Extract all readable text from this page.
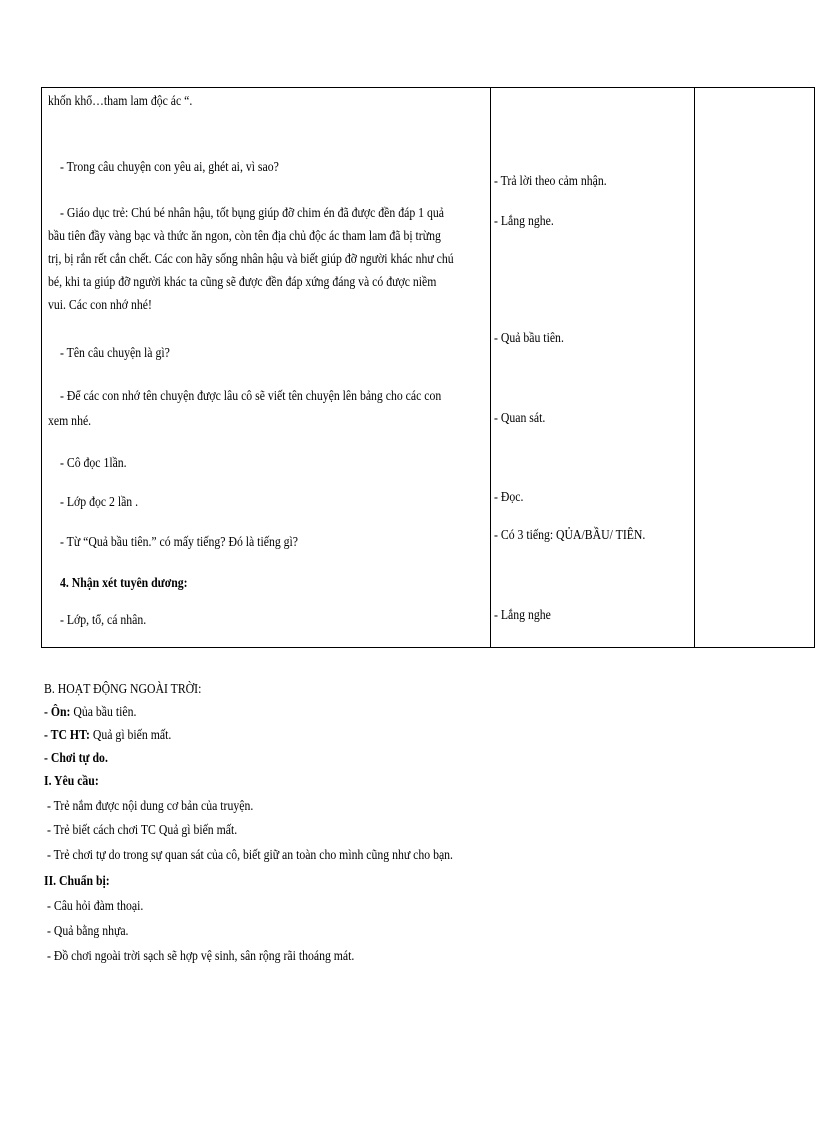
khốn khổ…tham lam độc ác “.
- Trong câu chuyện con yêu ai, ghét ai, vì sao?
- Giáo dục trẻ: Chú bé nhân hậu, tốt bụng giúp đỡ chim én đã được đền đáp 1 quả
bầu tiên đầy vàng bạc và thức ăn ngon, còn tên địa chủ độc ác tham lam đã bị trừng
trị, bị rắn rết cắn chết. Các con hãy sống nhân hậu và biết giúp đỡ người khác như chú
bé, khi ta giúp đỡ người khác ta cũng sẽ được đền đáp xứng đáng và có được niềm
vui. Các con nhớ nhé!
- Tên câu chuyện là gì?
- Để các con nhớ tên chuyện được lâu cô sẽ viết tên chuyện lên bảng cho các con
xem nhé.
- Cô đọc 1lần.
- Lớp đọc 2 lần .
- Từ “Quả bầu tiên.” có mấy tiếng? Đó là tiếng gì?
4. Nhận xét tuyên dương:
- Lớp, tổ, cá nhân.
- Trả lời theo cảm nhận.
- Lắng nghe.
- Quả bầu tiên.
- Quan sát.
- Đọc.
- Có 3 tiếng: QỦA/BẦU/ TIÊN.
- Lắng nghe
B. HOẠT ĐỘNG NGOÀI TRỜI:
- Ôn: Qủa bầu tiên.
- TC HT: Quả gì biến mất.
- Chơi tự do.
I. Yêu cầu:
- Trẻ nắm được nội dung cơ bản của truyện.
- Trẻ biết cách chơi TC Quả gì biến mất.
- Trẻ chơi tự do trong sự quan sát của cô, biết giữ an toàn cho mình cũng như cho bạn.
II. Chuẩn bị:
- Câu hỏi đàm thoại.
- Quả bằng nhựa.
- Đồ chơi ngoài trời sạch sẽ hợp vệ sinh, sân rộng rãi thoáng mát.
